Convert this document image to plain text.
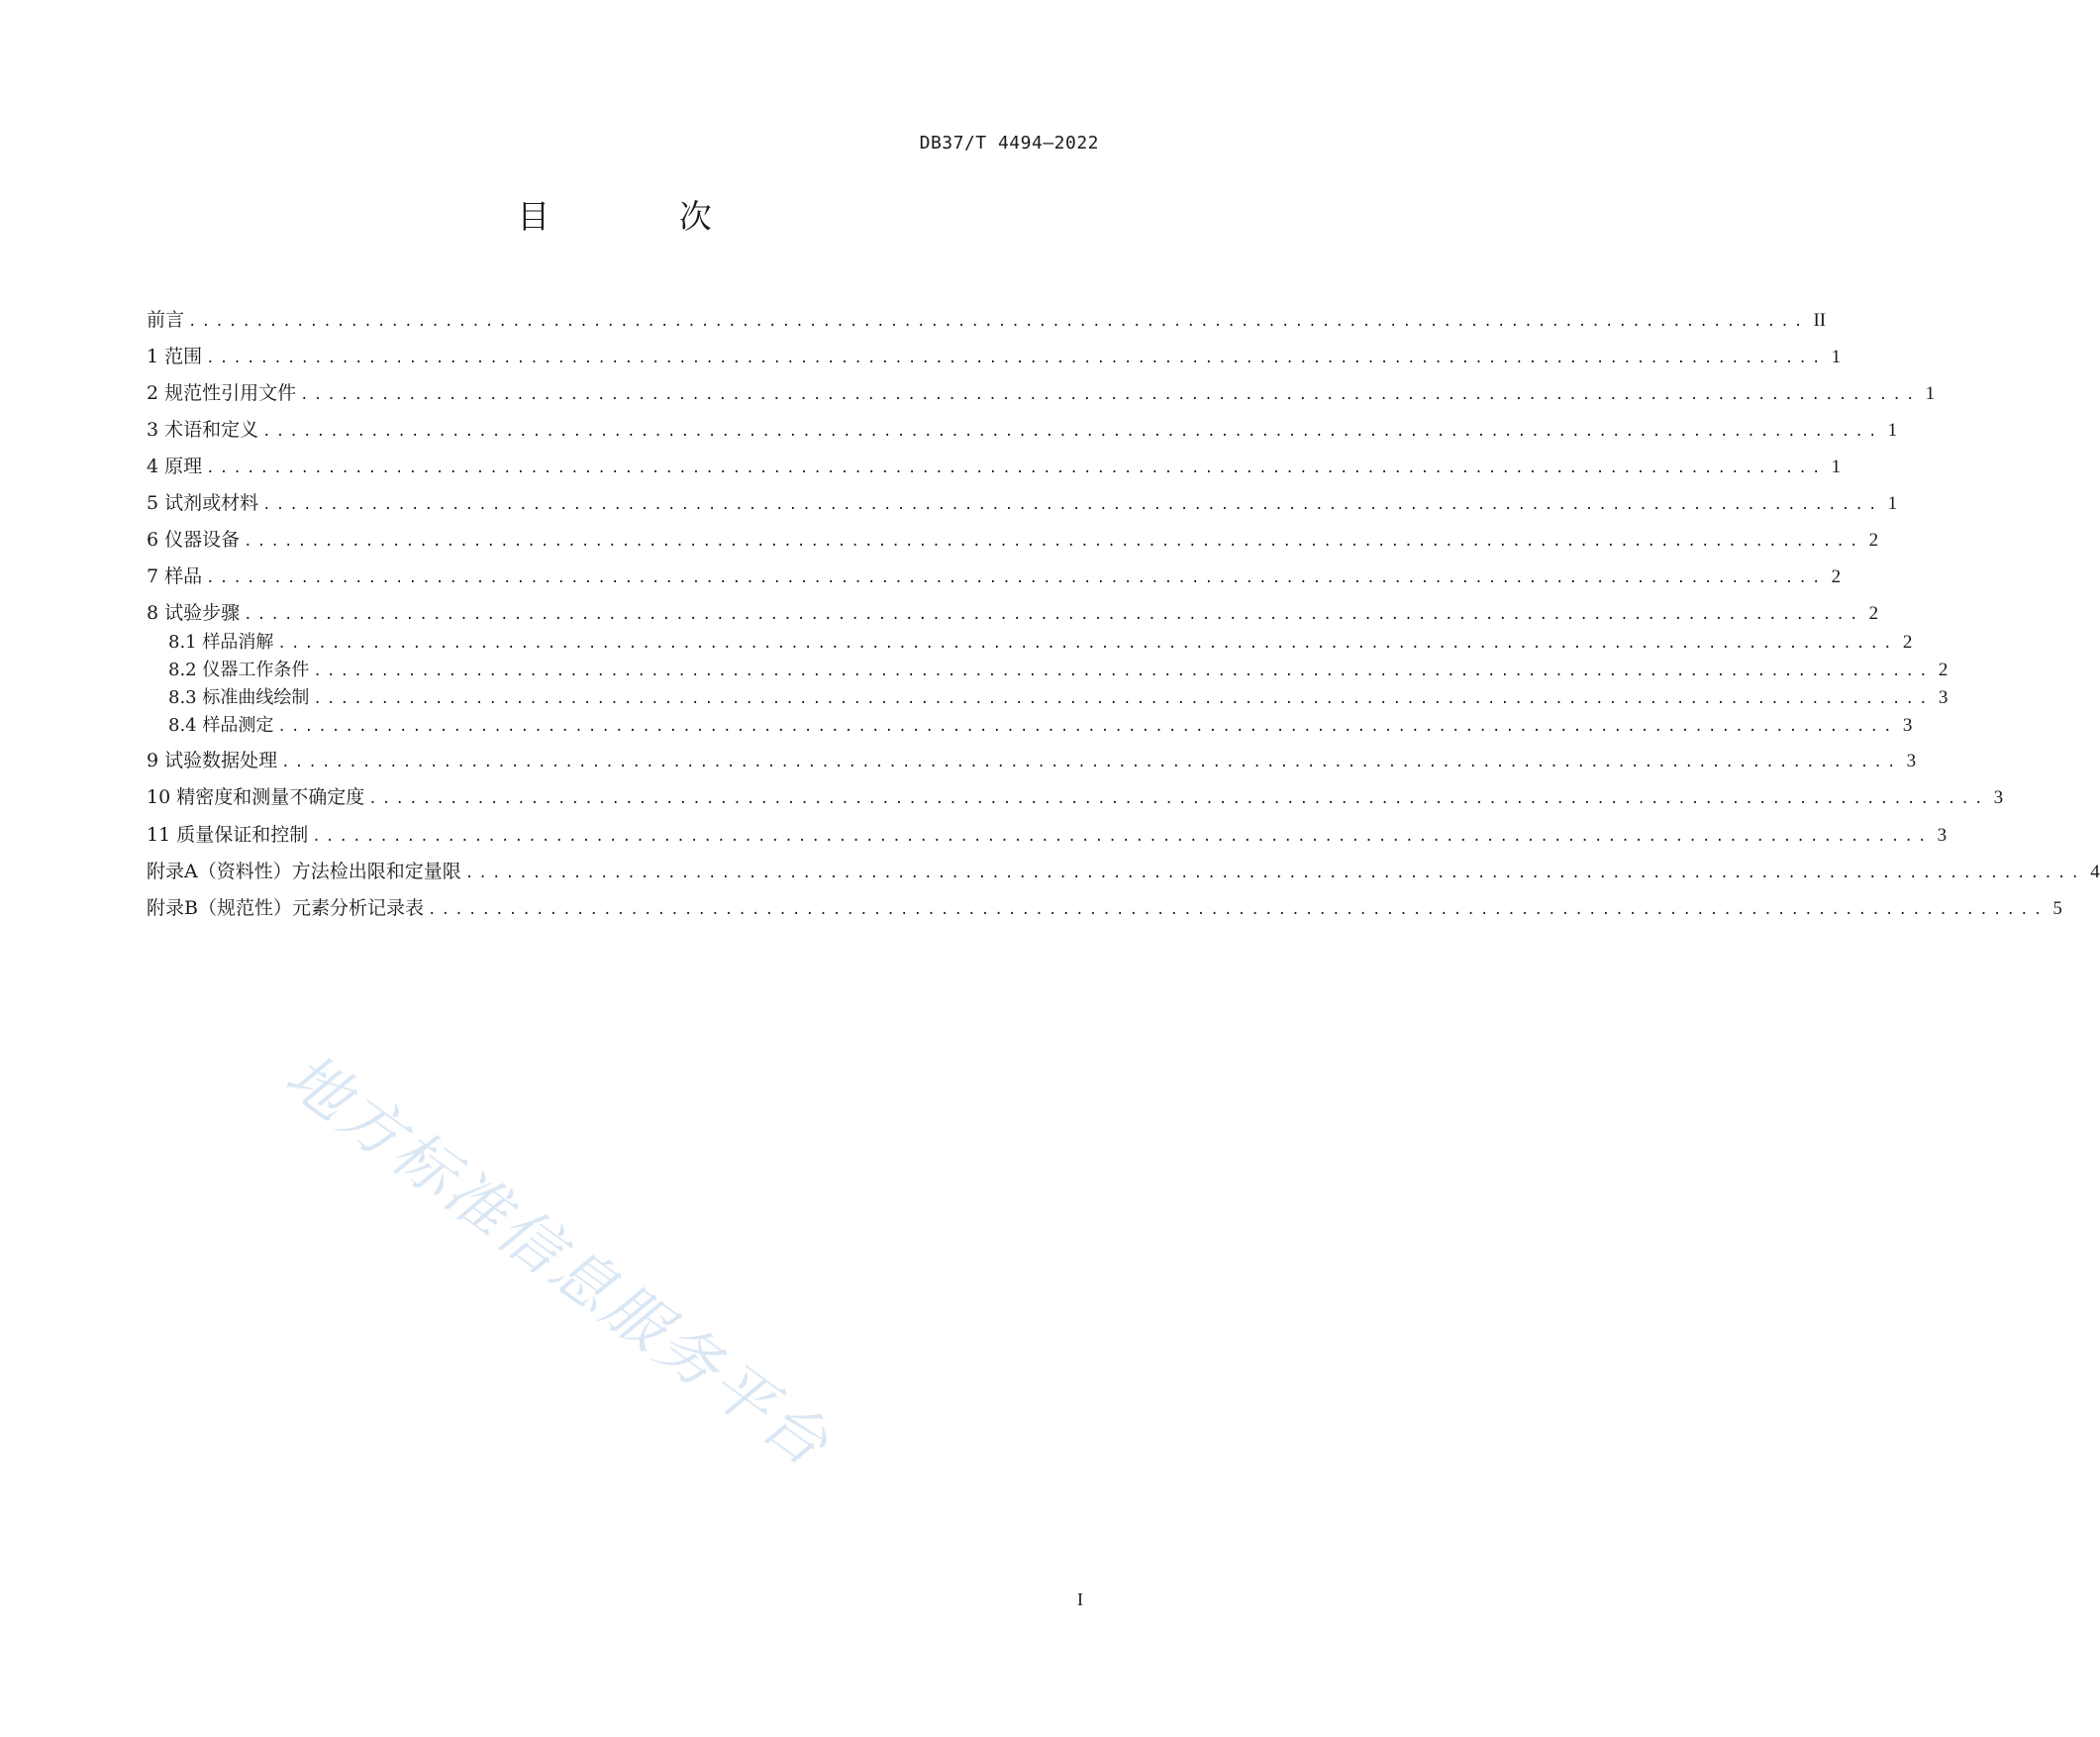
DB37/T 4494—2022
目 次
前言 ........................................................................................................................ II
1 范围 ........................................................................................................................ 1
2 规范性引用文件 ........................................................................................................................ 1
3 术语和定义 ........................................................................................................................ 1
4 原理 ........................................................................................................................ 1
5 试剂或材料 ........................................................................................................................ 1
6 仪器设备 ........................................................................................................................ 2
7 样品 ........................................................................................................................ 2
8 试验步骤 ........................................................................................................................ 2
8.1 样品消解 ........................................................................................................................ 2
8.2 仪器工作条件 ........................................................................................................................ 2
8.3 标准曲线绘制 ........................................................................................................................ 3
8.4 样品测定 ........................................................................................................................ 3
9 试验数据处理 ........................................................................................................................ 3
10 精密度和测量不确定度 ........................................................................................................................ 3
11 质量保证和控制 ........................................................................................................................ 3
附录A（资料性）方法检出限和定量限 ........................................................................................................................ 4
附录B（规范性）元素分析记录表 ........................................................................................................................ 5
地方标准信息服务平台
I
